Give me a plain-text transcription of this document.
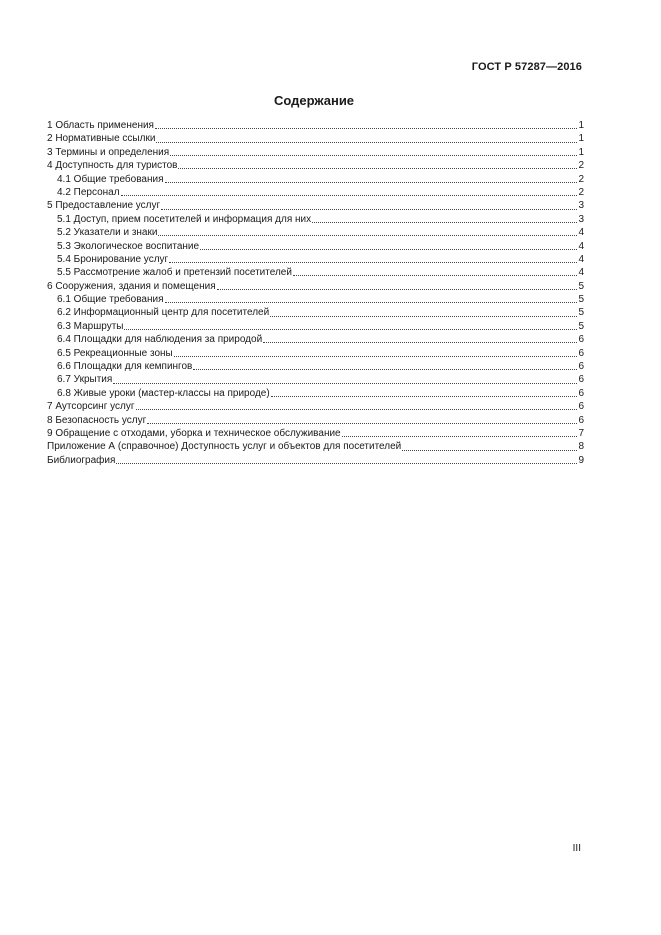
ГОСТ Р 57287—2016
Содержание
1 Область применения	1
2 Нормативные ссылки	1
3 Термины и определения	1
4 Доступность для туристов	2
4.1 Общие требования	2
4.2 Персонал	2
5 Предоставление услуг	3
5.1 Доступ, прием посетителей и информация для них	3
5.2 Указатели и знаки	4
5.3 Экологическое воспитание	4
5.4 Бронирование услуг	4
5.5 Рассмотрение жалоб и претензий посетителей	4
6 Сооружения, здания и помещения	5
6.1 Общие требования	5
6.2 Информационный центр для посетителей	5
6.3 Маршруты	5
6.4 Площадки для наблюдения за природой	6
6.5 Рекреационные зоны	6
6.6 Площадки для кемпингов	6
6.7 Укрытия	6
6.8 Живые уроки (мастер-классы на природе)	6
7 Аутсорсинг услуг	6
8 Безопасность услуг	6
9 Обращение с отходами, уборка и техническое обслуживание	7
Приложение А (справочное) Доступность услуг и объектов для посетителей	8
Библиография	9
III
